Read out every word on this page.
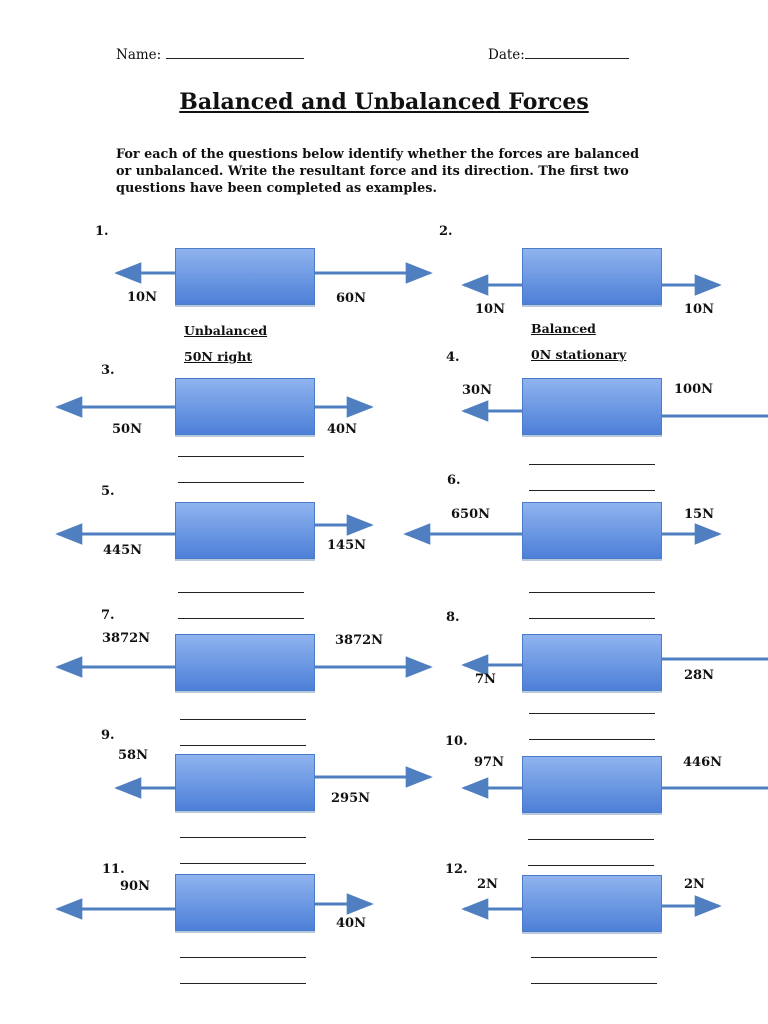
Name:	Date:
Balanced and Unbalanced Forces
For each of the questions below identify whether the forces are balanced or unbalanced. Write the resultant force and its direction. The first two questions have been completed as examples.
1.
10N	60N
Unbalanced
50N right
2.
10N	10N
Balanced
0N stationary
3.
50N	40N
4.
30N	100N
5.
445N	145N
6.
650N	15N
7.
3872N	3872N
8.
7N	28N
9.
58N
295N
10.
97N	446N
11.
90N
40N
12.
2N	2N
